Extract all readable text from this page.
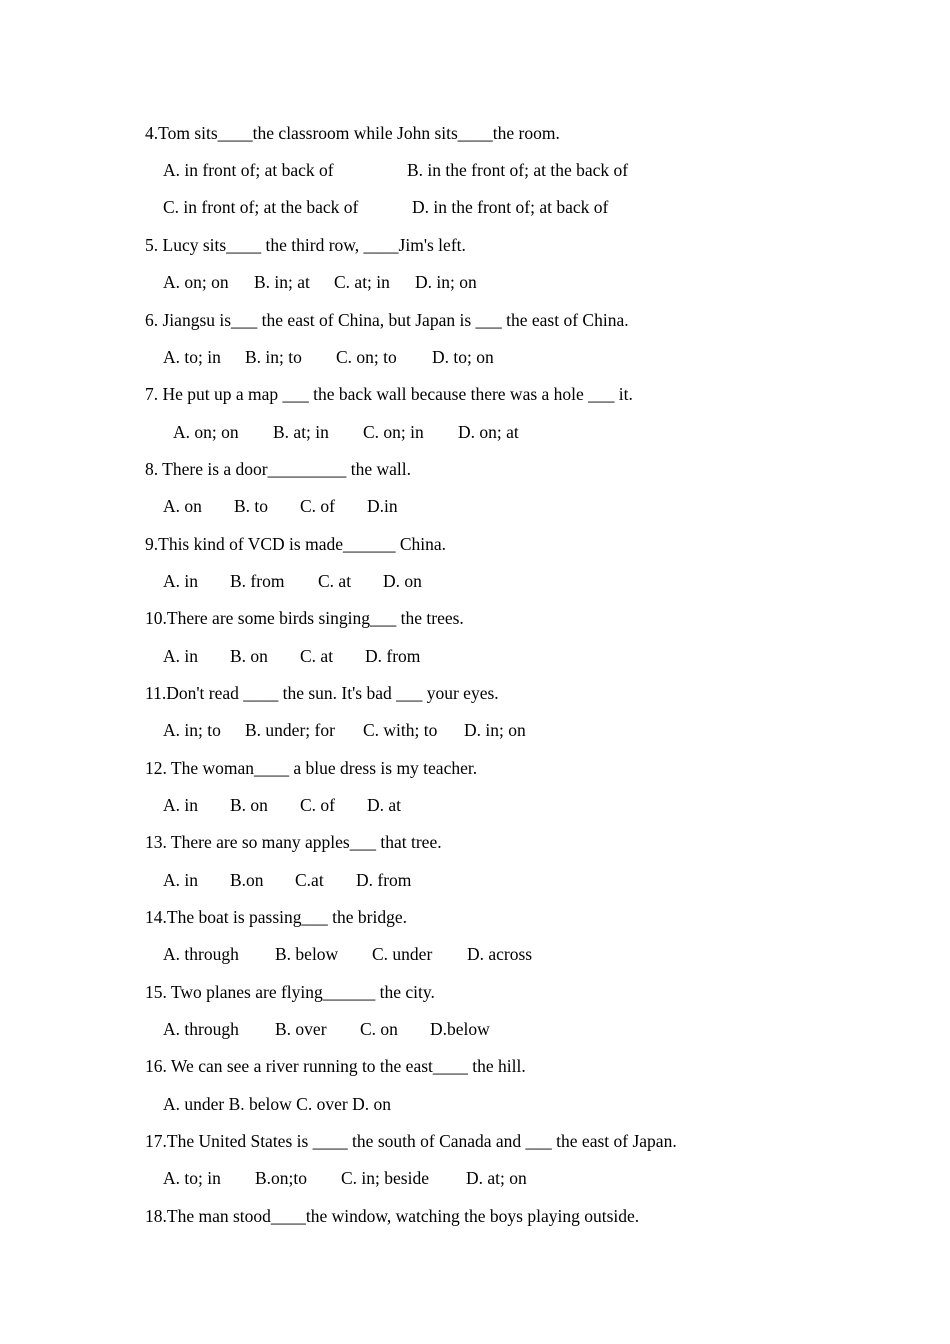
4.Tom sits____the classroom while John sits____the room.
A. in front of; at back of	B. in the front of; at the back of
C. in front of; at the back of	D. in the front of; at back of
5. Lucy sits____ the third row, ____Jim's left.
A. on; on B. in; at C. at; in D. in; on
6. Jiangsu is___ the east of China, but Japan is ___ the east of China.
A. to; in B. in; to C. on; to D. to; on
7. He put up a map ___ the back wall because there was a hole ___ it.
A. on; on B. at; in C. on; in D. on; at
8. There is a door_________ the wall.
A. on B. to C. of D.in
9.This kind of VCD is made______ China.
A. in B. from C. at D. on
10.There are some birds singing___ the trees.
A. in B. on C. at D. from
11.Don't read ____ the sun. It's bad ___ your eyes.
A. in; to B. under; for C. with; to D. in; on
12. The woman____ a blue dress is my teacher.
A. in B. on C. of D. at
13. There are so many apples___ that tree.
A. in B.on C.at D. from
14.The boat is passing___ the bridge.
A. through B. below C. under D. across
15. Two planes are flying______ the city.
A. through B. over C. on D.below
16. We can see a river running to the east____ the hill.
A. under B. below C. over D. on
17.The United States is ____ the south of Canada and ___ the east of Japan.
A. to; in B.on;to C. in; beside D. at; on
18.The man stood____the window, watching the boys playing outside.
